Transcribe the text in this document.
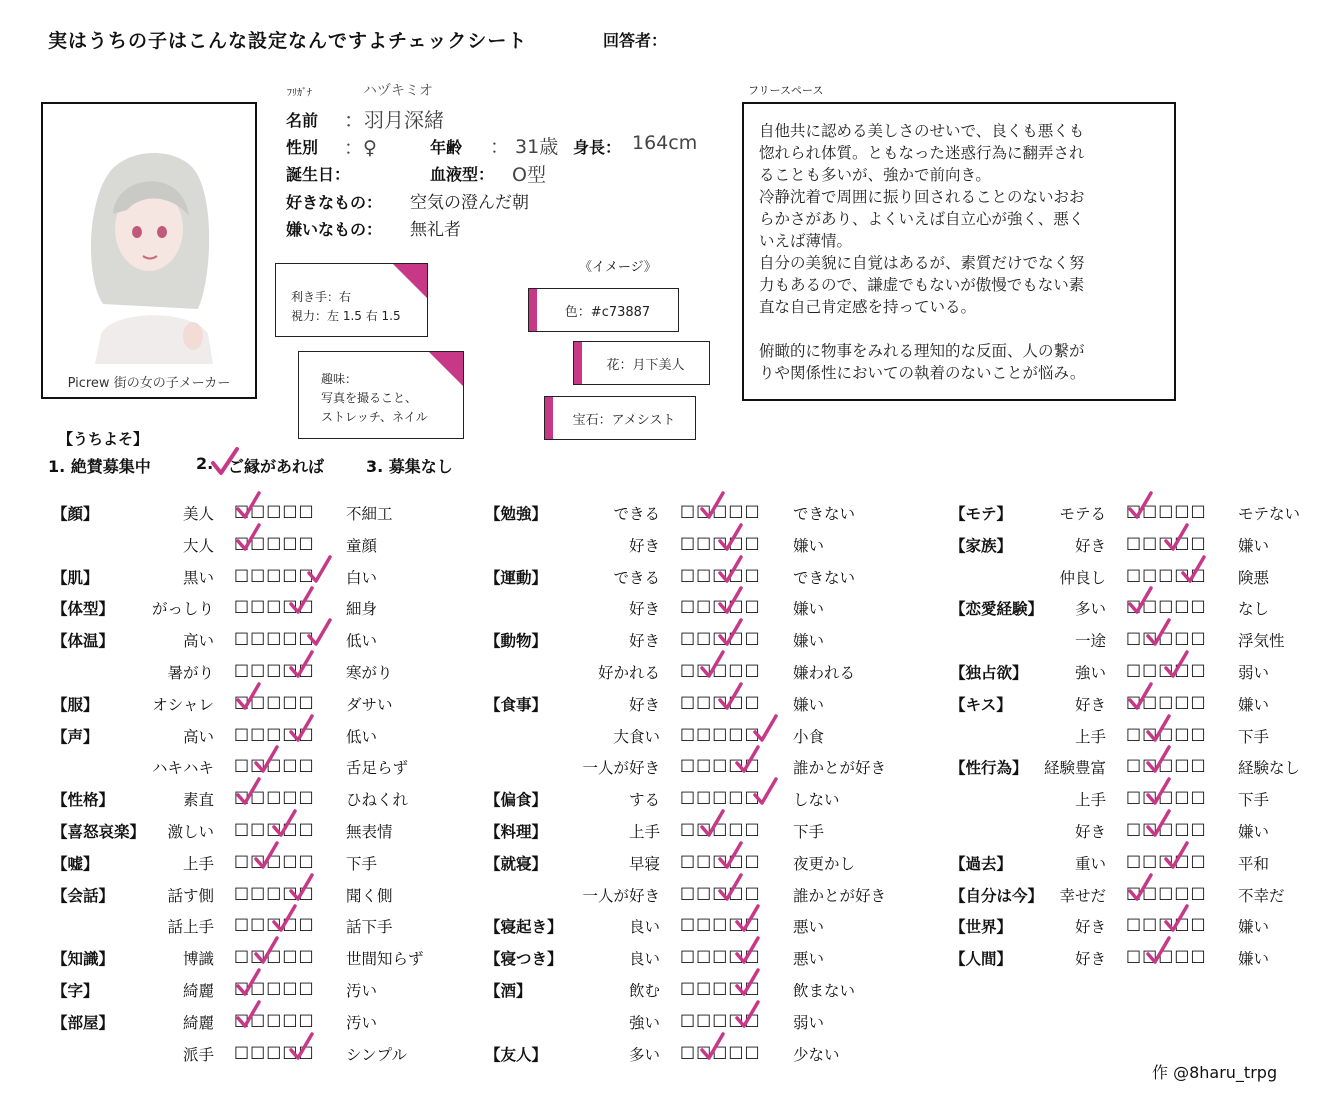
実はうちの子はこんな設定なんですよチェックシート	回答者：
Picrew 街の女の子メーカー
ﾌﾘｶﾞﾅ	ハヅキミオ
名前 ：羽月深緒
性別 ：♀	年齢 ： 31歳 身長： 164cm
誕生日：	血液型： O型
好きなもの： 空気の澄んだ朝
嫌いなもの： 無礼者
利き手：右
視力：左 1.5 右 1.5
趣味：
写真を撮ること、
ストレッチ、ネイル
《イメージ》
色：#c73887
花：月下美人
宝石：アメシスト
フリースペース
自他共に認める美しさのせいで、良くも悪くも
惚れられ体質。ともなった迷惑行為に翻弄され
ることも多いが、強かで前向き。
冷静沈着で周囲に振り回されることのないおお
らかさがあり、よくいえば自立心が強く、悪く
いえば薄情。
自分の美貌に自覚はあるが、素質だけでなく努
力もあるので、謙虚でもないが傲慢でもない素
直な自己肯定感を持っている。
俯瞰的に物事をみれる理知的な反面、人の繋が
りや関係性においての執着のないことが悩み。
【うちよそ】
1. 絶賛募集中	2. ご縁があれば	3. 募集なし
【顔】	美人 □□□□□ 不細工
大人 □□□□□ 童顔
【肌】	黒い □□□□□ 白い
【体型】	がっしり □□□□□ 細身
【体温】	高い □□□□□ 低い
暑がり □□□□□ 寒がり
【服】	オシャレ □□□□□ ダサい
【声】	高い □□□□□ 低い
ハキハキ □□□□□ 舌足らず
【性格】	素直 □□□□□ ひねくれ
【喜怒哀楽】	激しい □□□□□ 無表情
【嘘】	上手 □□□□□ 下手
【会話】	話す側 □□□□□ 聞く側
話上手 □□□□□ 話下手
【知識】	博識 □□□□□ 世間知らず
【字】	綺麗 □□□□□ 汚い
【部屋】	綺麗 □□□□□ 汚い
派手 □□□□□ シンプル
【勉強】	できる □□□□□ できない
好き □□□□□ 嫌い
【運動】	できる □□□□□ できない
好き □□□□□ 嫌い
【動物】	好き □□□□□ 嫌い
好かれる □□□□□ 嫌われる
【食事】	好き □□□□□ 嫌い
大食い □□□□□ 小食
一人が好き □□□□□ 誰かとが好き
【偏食】	する □□□□□ しない
【料理】	上手 □□□□□ 下手
【就寝】	早寝 □□□□□ 夜更かし
一人が好き □□□□□ 誰かとが好き
【寝起き】	良い □□□□□ 悪い
【寝つき】	良い □□□□□ 悪い
【酒】	飲む □□□□□ 飲まない
強い □□□□□ 弱い
【友人】	多い □□□□□ 少ない
【モテ】	モテる □□□□□ モテない
【家族】	好き □□□□□ 嫌い
仲良し □□□□□ 険悪
【恋愛経験】	多い □□□□□ なし
一途 □□□□□ 浮気性
【独占欲】	強い □□□□□ 弱い
【キス】	好き □□□□□ 嫌い
上手 □□□□□ 下手
【性行為】	経験豊富 □□□□□ 経験なし
上手 □□□□□ 下手
好き □□□□□ 嫌い
【過去】	重い □□□□□ 平和
【自分は今】	幸せだ □□□□□ 不幸だ
【世界】	好き □□□□□ 嫌い
【人間】	好き □□□□□ 嫌い
作 @8haru_trpg
